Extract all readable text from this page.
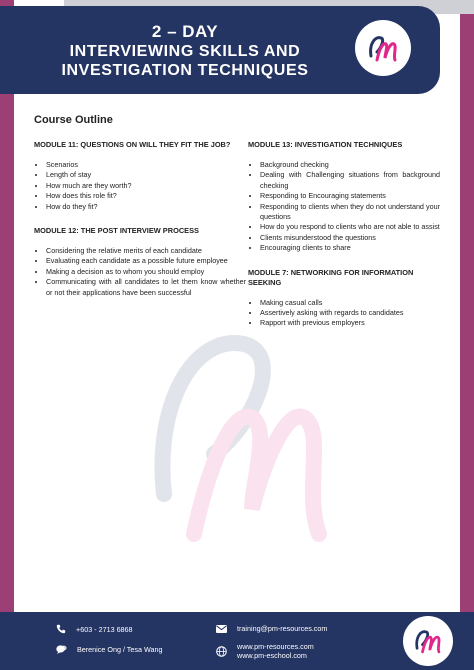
2 – DAY
INTERVIEWING SKILLS AND
INVESTIGATION TECHNIQUES
Course Outline
MODULE 11: QUESTIONS ON WILL THEY FIT THE JOB?
• Scenarios
• Length of stay
• How much are they worth?
• How does this role fit?
• How do they fit?
MODULE 12: THE POST INTERVIEW PROCESS
• Considering the relative merits of each candidate
• Evaluating each candidate as a possible future employee
• Making a decision as to whom you should employ
• Communicating with all candidates to let them know whether or not their applications have been successful
MODULE 13: INVESTIGATION TECHNIQUES
• Background checking
• Dealing with Challenging situations from background checking
• Responding to Encouraging statements
• Responding to clients when they do not understand your questions
• How do you respond to clients who are not able to assist
• Clients misunderstood the questions
• Encouraging clients to share
MODULE 7: NETWORKING FOR INFORMATION SEEKING
• Making casual calls
• Assertively asking with regards to candidates
• Rapport with previous employers
+603 - 2713 6868
Berenice Ong / Tesa Wang
training@pm-resources.com
www.pm-resources.com
www.pm-eschool.com
